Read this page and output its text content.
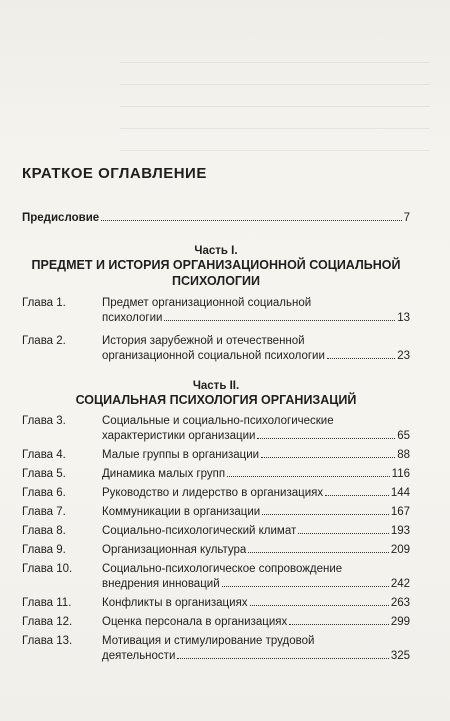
КРАТКОЕ ОГЛАВЛЕНИЕ
Предисловие	7
Часть I.
ПРЕДМЕТ И ИСТОРИЯ ОРГАНИЗАЦИОННОЙ СОЦИАЛЬНОЙ
ПСИХОЛОГИИ
Глава 1.	Предмет организационной социальной
психологии	13
Глава 2.	История зарубежной и отечественной
организационной социальной психологии	23
Часть II.
СОЦИАЛЬНАЯ ПСИХОЛОГИЯ ОРГАНИЗАЦИЙ
Глава 3.	Социальные и социально-психологические
характеристики организации	65
Глава 4.	Малые группы в организации	88
Глава 5.	Динамика малых групп	116
Глава 6.	Руководство и лидерство в организациях	144
Глава 7.	Коммуникации в организации	167
Глава 8.	Социально-психологический климат	193
Глава 9.	Организационная культура	209
Глава 10.	Социально-психологическое сопровождение
внедрения инноваций	242
Глава 11.	Конфликты в организациях	263
Глава 12.	Оценка персонала в организациях	299
Глава 13.	Мотивация и стимулирование трудовой
деятельности	325
